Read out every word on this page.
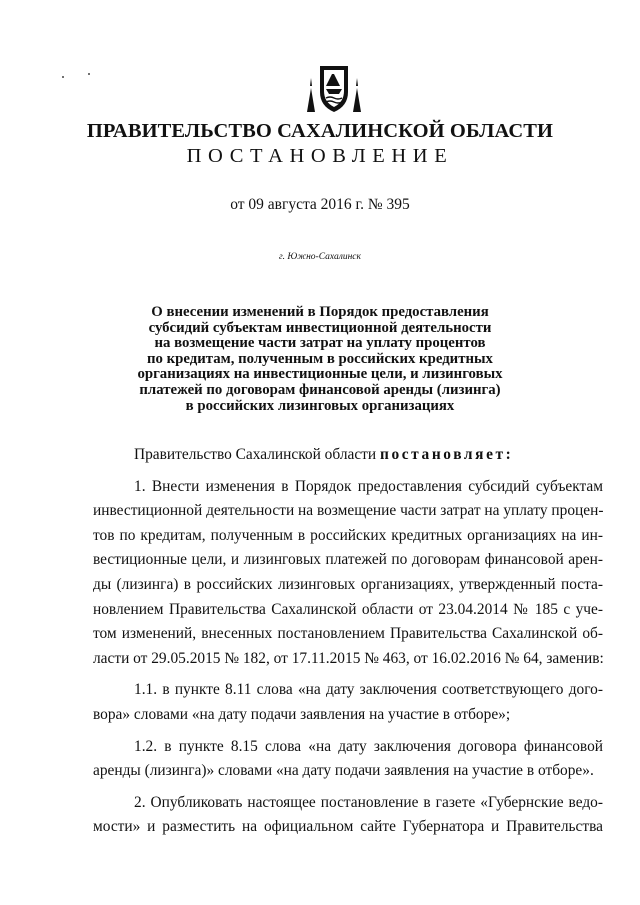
ПРАВИТЕЛЬСТВО САХАЛИНСКОЙ ОБЛАСТИ
ПОСТАНОВЛЕНИЕ
от 09 августа 2016 г. № 395
г. Южно-Сахалинск
О внесении изменений в Порядок предоставления
субсидий субъектам инвестиционной деятельности
на возмещение части затрат на уплату процентов
по кредитам, полученным в российских кредитных
организациях на инвестиционные цели, и лизинговых
платежей по договорам финансовой аренды (лизинга)
в российских лизинговых организациях
Правительство Сахалинской области постановляет:
1. Внести изменения в Порядок предоставления субсидий субъектам
инвестиционной деятельности на возмещение части затрат на уплату процен-
тов по кредитам, полученным в российских кредитных организациях на ин-
вестиционные цели, и лизинговых платежей по договорам финансовой арен-
ды (лизинга) в российских лизинговых организациях, утвержденный поста-
новлением Правительства Сахалинской области от 23.04.2014 № 185 с уче-
том изменений, внесенных постановлением Правительства Сахалинской об-
ласти от 29.05.2015 № 182, от 17.11.2015 № 463, от 16.02.2016 № 64, заменив:
1.1. в пункте 8.11 слова «на дату заключения соответствующего дого-
вора» словами «на дату подачи заявления на участие в отборе»;
1.2. в пункте 8.15 слова «на дату заключения договора финансовой
аренды (лизинга)» словами «на дату подачи заявления на участие в отборе».
2. Опубликовать настоящее постановление в газете «Губернские ведо-
мости» и разместить на официальном сайте Губернатора и Правительства
